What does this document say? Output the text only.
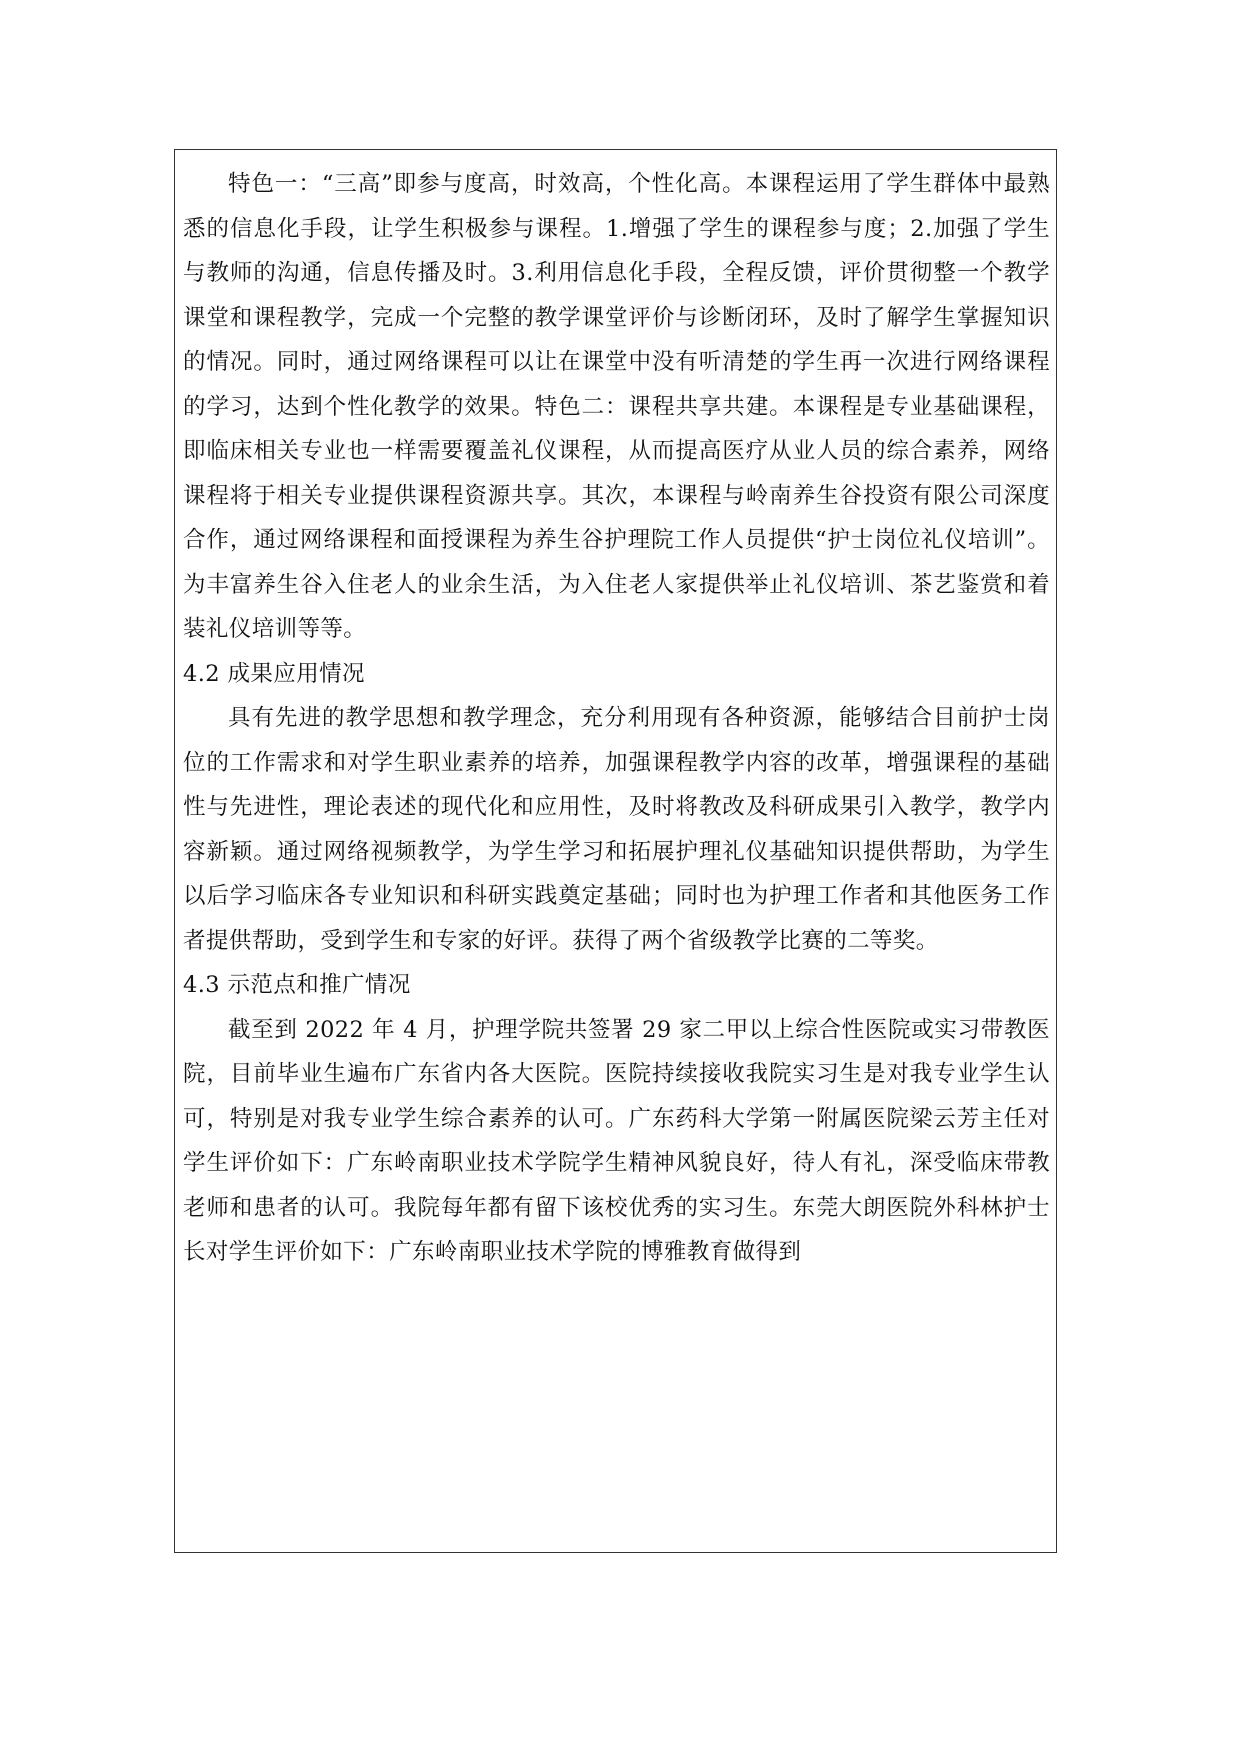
特色一：“三高”即参与度高，时效高，个性化高。本课程运用了学生群体中最熟悉的信息化手段，让学生积极参与课程。1.增强了学生的课程参与度；2.加强了学生与教师的沟通，信息传播及时。3.利用信息化手段，全程反馈，评价贯彻整一个教学课堂和课程教学，完成一个完整的教学课堂评价与诊断闭环，及时了解学生掌握知识的情况。同时，通过网络课程可以让在课堂中没有听清楚的学生再一次进行网络课程的学习，达到个性化教学的效果。特色二：课程共享共建。本课程是专业基础课程，即临床相关专业也一样需要覆盖礼仪课程，从而提高医疗从业人员的综合素养，网络课程将于相关专业提供课程资源共享。其次，本课程与岭南养生谷投资有限公司深度合作，通过网络课程和面授课程为养生谷护理院工作人员提供“护士岗位礼仪培训”。为丰富养生谷入住老人的业余生活，为入住老人家提供举止礼仪培训、茶艺鉴赏和着装礼仪培训等等。

4.2 成果应用情况

具有先进的教学思想和教学理念，充分利用现有各种资源，能够结合目前护士岗位的工作需求和对学生职业素养的培养，加强课程教学内容的改革，增强课程的基础性与先进性，理论表述的现代化和应用性，及时将教改及科研成果引入教学，教学内容新颖。通过网络视频教学，为学生学习和拓展护理礼仪基础知识提供帮助，为学生以后学习临床各专业知识和科研实践奠定基础；同时也为护理工作者和其他医务工作者提供帮助，受到学生和专家的好评。获得了两个省级教学比赛的二等奖。

4.3 示范点和推广情况

截至到 2022 年 4 月，护理学院共签署 29 家二甲以上综合性医院或实习带教医院，目前毕业生遍布广东省内各大医院。医院持续接收我院实习生是对我专业学生认可，特别是对我专业学生综合素养的认可。广东药科大学第一附属医院梁云芳主任对学生评价如下：广东岭南职业技术学院学生精神风貌良好，待人有礼，深受临床带教老师和患者的认可。我院每年都有留下该校优秀的实习生。东莞大朗医院外科林护士长对学生评价如下：广东岭南职业技术学院的博雅教育做得到
